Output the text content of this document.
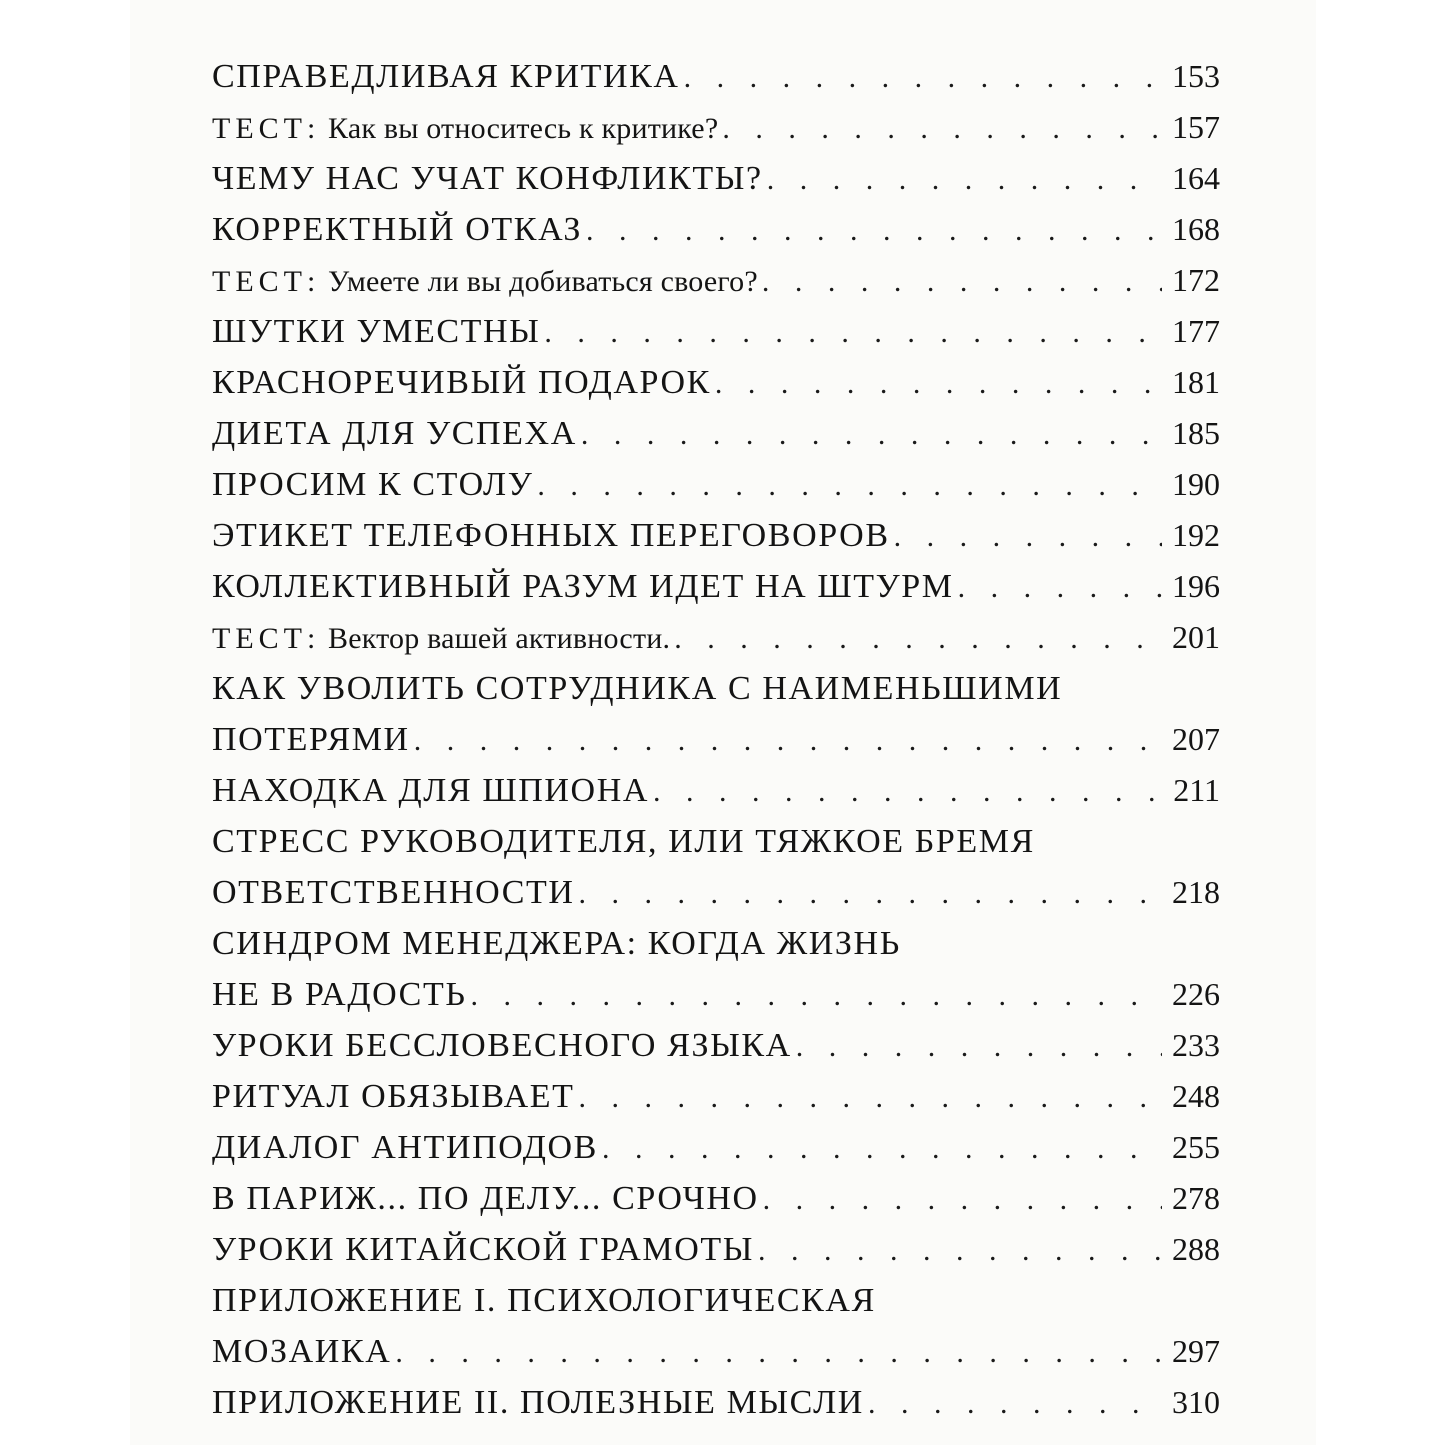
СПРАВЕДЛИВАЯ КРИТИКА . . .	153
ТЕСТ: Как вы относитесь к критике? . . .	157
ЧЕМУ НАС УЧАТ КОНФЛИКТЫ? . . .	164
КОРРЕКТНЫЙ ОТКАЗ . . .	168
ТЕСТ: Умеете ли вы добиваться своего? . . .	172
ШУТКИ УМЕСТНЫ . . .	177
КРАСНОРЕЧИВЫЙ ПОДАРОК . . .	181
ДИЕТА ДЛЯ УСПЕХА . . .	185
ПРОСИМ К СТОЛУ . . .	190
ЭТИКЕТ ТЕЛЕФОННЫХ ПЕРЕГОВОРОВ . . .	192
КОЛЛЕКТИВНЫЙ РАЗУМ ИДЕТ НА ШТУРМ . . .	196
ТЕСТ: Вектор вашей активности. . . .	201
КАК УВОЛИТЬ СОТРУДНИКА С НАИМЕНЬШИМИ
ПОТЕРЯМИ . . .	207
НАХОДКА ДЛЯ ШПИОНА . . .	211
СТРЕСС РУКОВОДИТЕЛЯ, ИЛИ ТЯЖКОЕ БРЕМЯ
ОТВЕТСТВЕННОСТИ . . .	218
СИНДРОМ МЕНЕДЖЕРА: КОГДА ЖИЗНЬ
НЕ В РАДОСТЬ . . .	226
УРОКИ БЕССЛОВЕСНОГО ЯЗЫКА . . .	233
РИТУАЛ ОБЯЗЫВАЕТ . . .	248
ДИАЛОГ АНТИПОДОВ . . .	255
В ПАРИЖ... ПО ДЕЛУ... СРОЧНО . . .	278
УРОКИ КИТАЙСКОЙ ГРАМОТЫ . . .	288
ПРИЛОЖЕНИЕ I. ПСИХОЛОГИЧЕСКАЯ
МОЗАИКА . . .	297
ПРИЛОЖЕНИЕ II. ПОЛЕЗНЫЕ МЫСЛИ . . .	310
